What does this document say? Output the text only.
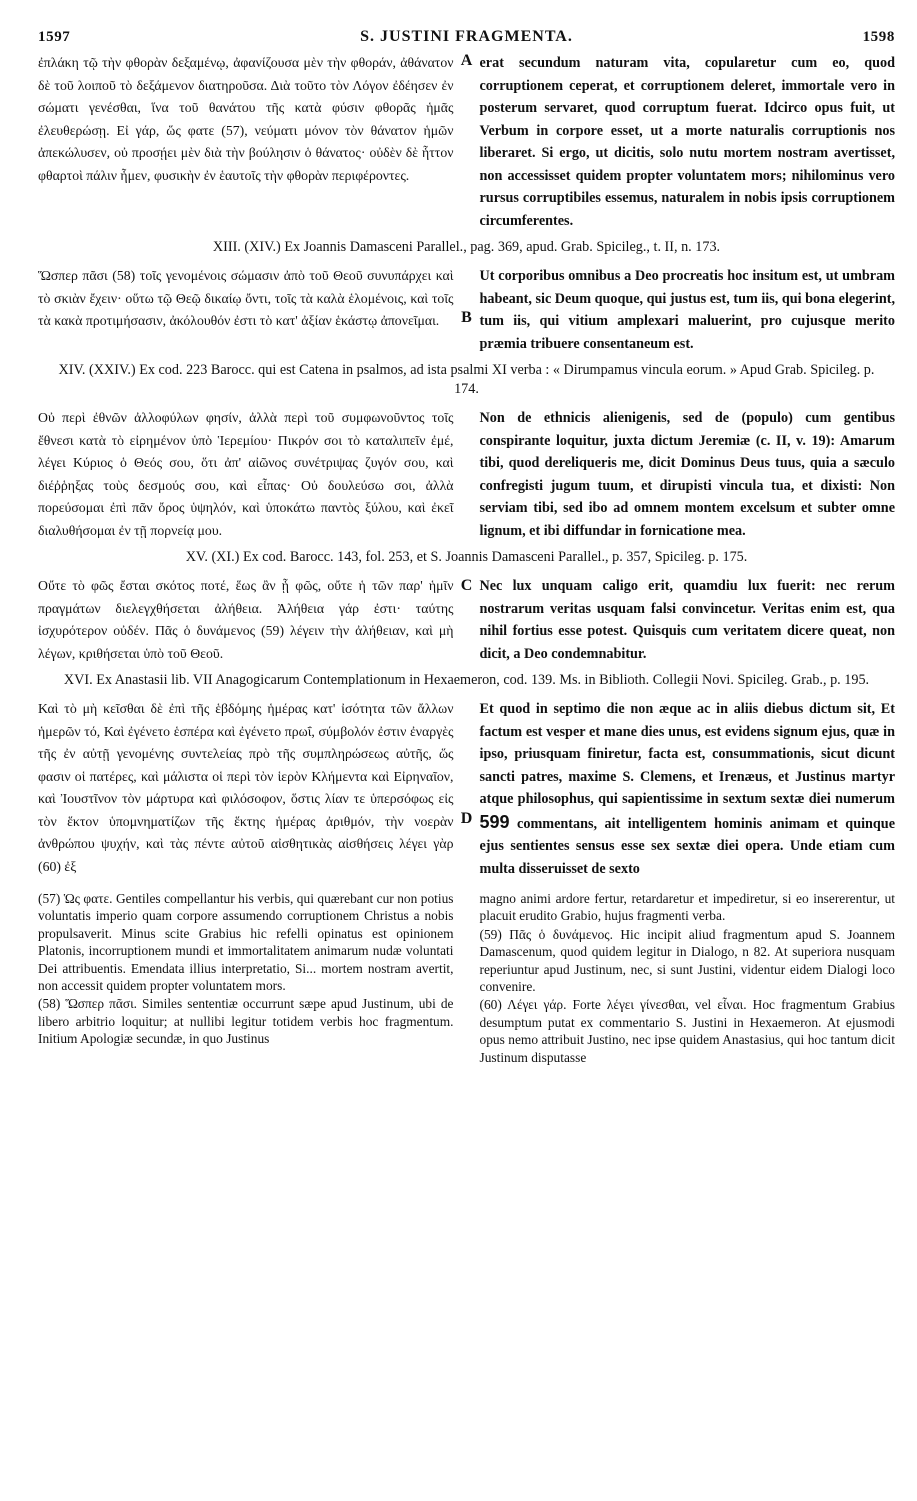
1597	S. JUSTINI FRAGMENTA.	1598

ἐπλάκη τῷ τὴν φθορὰν δεξαμένῳ, ἀφανίζουσα μὲν τὴν φθοράν, ἀθάνατον δὲ τοῦ λοιποῦ τὸ δεξάμενον διατηροῦσα. Διὰ τοῦτο τὸν Λόγον ἐδέησεν ἐν σώματι γενέσθαι, ἵνα τοῦ θανάτου τῆς κατὰ φύσιν φθορᾶς ἡμᾶς ἐλευθερώσῃ. Εἰ γάρ, ὥς φατε (57), νεύματι μόνον τὸν θάνατον ἡμῶν ἀπεκώλυσεν, οὐ προσῄει μὲν διὰ τὴν βούλησιν ὁ θάνατος· οὐδὲν δὲ ἧττον φθαρτοὶ πάλιν ἦμεν, φυσικὴν ἐν ἑαυτοῖς τὴν φθορὰν περιφέροντες.

A erat secundum naturam vita, copularetur cum eo, quod corruptionem ceperat, et corruptionem deleret, immortale vero in posterum servaret, quod corruptum fuerat. Idcirco opus fuit, ut Verbum in corpore esset, ut a morte naturalis corruptionis nos liberaret. Si ergo, ut dicitis, solo nutu mortem nostram avertisset, non accessisset quidem propter voluntatem mors; nihilominus vero rursus corruptibiles essemus, naturalem in nobis ipsis corruptionem circumferentes.

XIII. (XIV.) Ex Joannis Damasceni Parallel., pag. 369, apud. Grab. Spicileg., t. II, n. 173.

Ὥσπερ πᾶσι (58) τοῖς γενομένοις σώμασιν ἀπὸ τοῦ Θεοῦ συνυπάρχει καὶ τὸ σκιὰν ἔχειν· οὕτω τῷ Θεῷ δικαίῳ ὄντι, τοῖς τὰ καλὰ ἑλομένοις, καὶ τοῖς τὰ κακὰ προτιμήσασιν, ἀκόλουθόν ἐστι τὸ κατ' ἀξίαν ἑκάστῳ ἀπονεῖμαι.	B

Ut corporibus omnibus a Deo procreatis hoc insitum est, ut umbram habeant, sic Deum quoque, qui justus est, tum iis, qui bona elegerint, tum iis, qui vitium amplexari maluerint, pro cujusque merito præmia tribuere consentaneum est.

XIV. (XXIV.) Ex cod. 223 Barocc. qui est Catena in psalmos, ad ista psalmi XI verba : « Dirumpamus vincula eorum. » Apud Grab. Spicileg. p. 174.

Οὐ περὶ ἐθνῶν ἀλλοφύλων φησίν, ἀλλὰ περὶ τοῦ συμφωνοῦντος τοῖς ἔθνεσι κατὰ τὸ εἰρημένον ὑπὸ Ἱερεμίου· Πικρόν σοι τὸ καταλιπεῖν ἐμέ, λέγει Κύριος ὁ Θεός σου, ὅτι ἀπ' αἰῶνος συνέτριψας ζυγόν σου, καὶ διέῤῥηξας τοὺς δεσμούς σου, καὶ εἶπας· Οὐ δουλεύσω σοι, ἀλλὰ πορεύσομαι ἐπὶ πᾶν ὄρος ὑψηλόν, καὶ ὑποκάτω παντὸς ξύλου, καὶ ἐκεῖ διαλυθήσομαι ἐν τῇ πορνείᾳ μου.

Non de ethnicis alienigenis, sed de (populo) cum gentibus conspirante loquitur, juxta dictum Jeremiæ (c. II, v. 19): Amarum tibi, quod dereliqueris me, dicit Dominus Deus tuus, quia a sæculo confregisti jugum tuum, et dirupisti vincula tua, et dixisti: Non serviam tibi, sed ibo ad omnem montem excelsum et subter omne lignum, et ibi diffundar in fornicatione mea.

XV. (XI.) Ex cod. Barocc. 143, fol. 253, et S. Joannis Damasceni Parallel., p. 357, Spicileg. p. 175.

Οὔτε τὸ φῶς ἔσται σκότος ποτέ, ἕως ἂν ᾖ φῶς, οὔτε ἡ τῶν παρ' ἡμῖν πραγμάτων διελεγχθήσεται ἀλήθεια. Ἀλήθεια γάρ ἐστι· ταύτης ἰσχυρότερον οὐδέν. Πᾶς ὁ δυνάμενος (59) λέγειν τὴν ἀλήθειαν, καὶ μὴ λέγων, κριθήσεται ὑπὸ τοῦ Θεοῦ.

C Nec lux unquam caligo erit, quamdiu lux fuerit: nec rerum nostrarum veritas usquam falsi convincetur. Veritas enim est, qua nihil fortius esse potest. Quisquis cum veritatem dicere queat, non dicit, a Deo condemnabitur.

XVI. Ex Anastasii lib. VII Anagogicarum Contemplationum in Hexaemeron, cod. 139. Ms. in Biblioth. Collegii Novi. Spicileg. Grab., p. 195.

Καὶ τὸ μὴ κεῖσθαι δὲ ἐπὶ τῆς ἑβδόμης ἡμέρας κατ' ἰσότητα τῶν ἄλλων ἡμερῶν τό, Καὶ ἐγένετο ἑσπέρα καὶ ἐγένετο πρωΐ, σύμβολόν ἐστιν ἐναργὲς τῆς ἐν αὐτῇ γενομένης συντελείας πρὸ τῆς συμπληρώσεως αὐτῆς, ὥς φασιν οἱ πατέρες, καὶ μάλιστα οἱ περὶ τὸν ἱερὸν Κλήμεντα καὶ Εἰρηναῖον, καὶ Ἰουστῖνον τὸν μάρτυρα καὶ φιλόσοφον, ὅστις λίαν τε ὑπερσόφως εἰς τὸν ἕκτον ὑπομνηματίζων τῆς ἕκτης ἡμέρας ἀριθμόν, τὴν νοερὰν ἀνθρώπου ψυχήν, καὶ τὰς πέντε αὐτοῦ αἰσθητικὰς αἰσθήσεις λέγει γὰρ (60) ἐξ

D

Et quod in septimo die non æque ac in aliis diebus dictum sit, Et factum est vesper et mane dies unus, est evidens signum ejus, quæ in ipso, priusquam finiretur, facta est, consummationis, sicut dicunt sancti patres, maxime S. Clemens, et Irenæus, et Justinus martyr atque philosophus, qui sapientissime in sextum sextæ diei numerum 599 commentans, ait intelligentem hominis animam et quinque ejus sentientes sensus esse sex sextæ diei opera. Unde etiam cum multa disseruisset de sexto

(57) Ὡς φατε. Gentiles compellantur his verbis, qui quærebant cur non potius voluntatis imperio quam corpore assumendo corruptionem Christus a nobis propulsaverit. Minus scite Grabius hic refelli opinatus est opinionem Platonis, incorruptionem mundi et immortalitatem animarum nudæ voluntati Dei attribuentis. Emendata illius interpretatio, Si... mortem nostram avertit, non accessit quidem propter voluntatem mors.

(58) Ὥσπερ πᾶσι. Similes sententiæ occurrunt sæpe apud Justinum, ubi de libero arbitrio loquitur; at nullibi legitur totidem verbis hoc fragmentum. Initium Apologiæ secundæ, in quo Justinus

magno animi ardore fertur, retardaretur et impediretur, si eo insererentur, ut placuit erudito Grabio, hujus fragmenti verba.

(59) Πᾶς ὁ δυνάμενος. Hic incipit aliud fragmentum apud S. Joannem Damascenum, quod quidem legitur in Dialogo, n 82. At superiora nusquam reperiuntur apud Justinum, nec, si sunt Justini, videntur eidem Dialogi loco convenire.

(60) Λέγει γάρ. Forte λέγει γίνεσθαι, vel εἶναι. Hoc fragmentum Grabius desumptum putat ex commentario S. Justini in Hexaemeron. At ejusmodi opus nemo attribuit Justino, nec ipse quidem Anastasius, qui hoc tantum dicit Justinum disputasse
